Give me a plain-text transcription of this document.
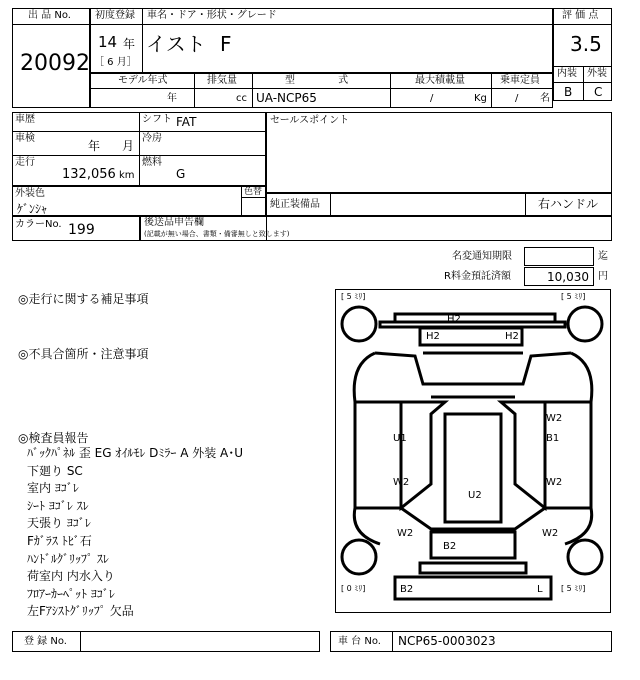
出 品 No.
20092
初度登録
14 年
［ 6 月］
車名・ドア・形状・グレード
イスト F
評 価 点
3.5
内装 外装
B C
モデル年式
年
排気量
cc
型 式
UA-NCP65
最大積載量
/	Kg
乗車定員
/ 名
車歴	シフト FAT
車検
年 月
冷房
走行
132,056 km
燃料
G
セールスポイント
外装色
ｹﾞﾝｼｬ
色替
純正装備品	右ハンドル
カラーNo. 199	後送品申告欄
(記載が無い場合、書類・備審無しと致します)
名変通知期限	迄
R料金預託済額	10,030 円
◎走行に関する補足事項
◎不具合箇所・注意事項
◎検査員報告
ﾊﾞｯｸﾊﾟﾈﾙ 歪 EG ｵｲﾙﾓﾚ Dﾐﾗｰ A 外装 A･U
下廻り SC
室内 ﾖｺﾞﾚ
ｼｰﾄ ﾖｺﾞﾚ ｽﾚ
天張り ﾖｺﾞﾚ
Fｶﾞﾗｽ ﾄﾋﾞ石
ﾊﾝﾄﾞﾙｸﾞﾘｯﾌﾟ ｽﾚ
荷室内 内水入り
ﾌﾛｱｰｶｰﾍﾟｯﾄ ﾖｺﾞﾚ
左Fｱｼｽﾄｸﾞﾘｯﾌﾟ 欠品
[ 5 ﾐﾘ]	[ 5 ﾐﾘ]
[ 0 ﾐﾘ]	[ 5 ﾐﾘ]
H2
H2	H2
W2
U1	B1
W2	W2
U2
W2	W2
B2
B2	L
登 録 No.	車 台 No. NCP65-0003023
